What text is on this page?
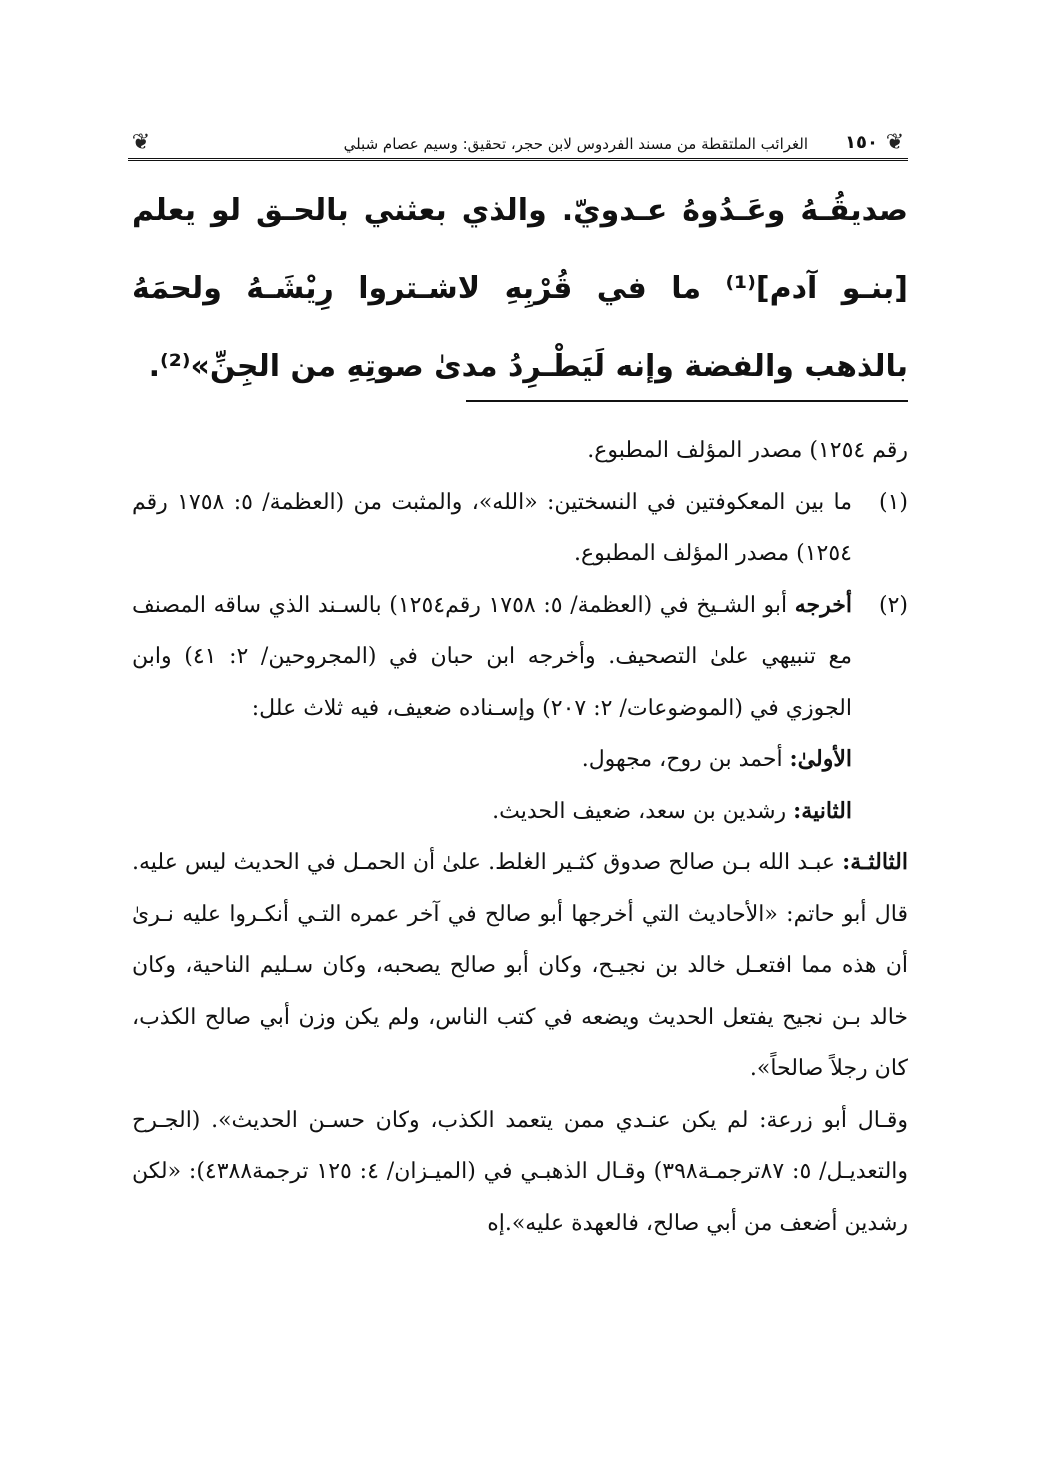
❦
١٥٠
الغرائب الملتقطة من مسند الفردوس لابن حجر، تحقيق: وسيم عصام شبلي
❦

صديقُـهُ وعَـدُوهُ عـدويّ. والذي بعثني بالحـق لو يعلم [بنـو آدم]⁽¹⁾ ما في قُرْبِهِ لاشـتروا رِيْشَـهُ ولحمَهُ بالذهب والفضة وإنه لَيَطْـرِدُ مدىٰ صوتِهِ من الجِنِّ»⁽²⁾.

رقم ١٢٥٤) مصدر المؤلف المطبوع.

(١)
ما بين المعكوفتين في النسختين: «الله»، والمثبت من (العظمة/ ٥: ١٧٥٨ رقم ١٢٥٤) مصدر المؤلف المطبوع.
(٢)
أخرجه أبو الشـيخ في (العظمة/ ٥: ١٧٥٨ رقم١٢٥٤) بالسـند الذي ساقه المصنف مع تنبيهي علىٰ التصحيف. وأخرجه ابن حبان في (المجروحين/ ٢: ٤١) وابن الجوزي في (الموضوعات/ ٢: ٢٠٧) وإسـناده ضعيف، فيه ثلاث علل:

الأولىٰ: أحمد بن روح، مجهول.

الثانية: رشدين بن سعد، ضعيف الحديث.

الثالثـة: عبـد الله بـن صالح صدوق كثـير الغلط. علىٰ أن الحمـل في الحديث ليس عليه. قال أبو حاتم: «الأحاديث التي أخرجها أبو صالح في آخر عمره التـي أنكـروا عليه نـرىٰ أن هذه مما افتعـل خالد بن نجيـح، وكان أبو صالح يصحبه، وكان سـليم الناحية، وكان خالد بـن نجيح يفتعل الحديث ويضعه في كتب الناس، ولم يكن وزن أبي صالح الكذب، كان رجلاً صالحاً».

وقـال أبو زرعة: لم يكن عنـدي ممن يتعمد الكذب، وكان حسـن الحديث». (الجـرح والتعديـل/ ٥: ٨٧ترجمـة٣٩٨) وقـال الذهبـي في (الميـزان/ ٤: ١٢٥ ترجمة٤٣٨٨): «لكن رشدين أضعف من أبي صالح، فالعهدة عليه».إه
